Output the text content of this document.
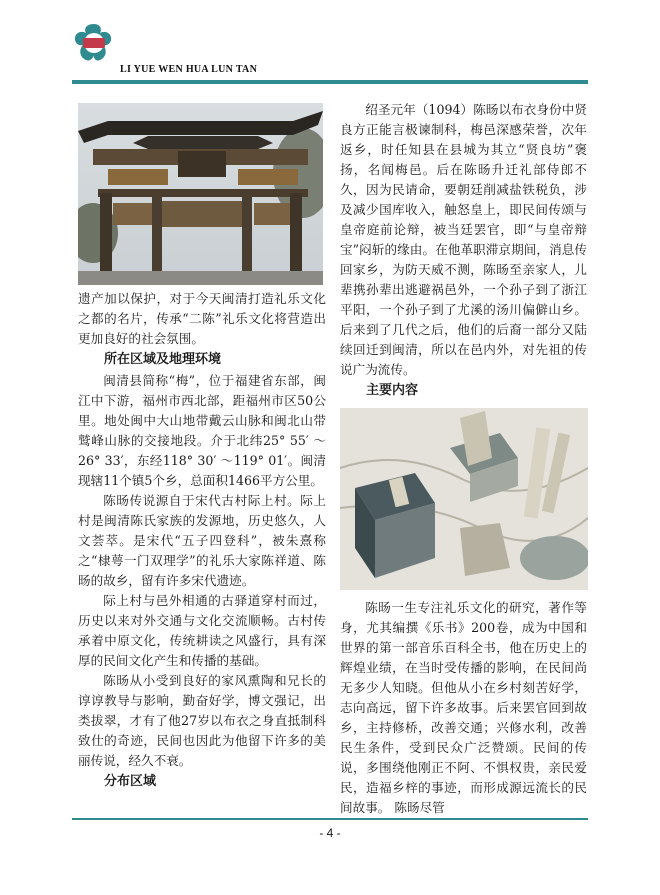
LI YUE WEN HUA LUN TAN

遗产加以保护，对于今天闽清打造礼乐文化之都的名片，传承“二陈”礼乐文化将营造出更加良好的社会氛围。

所在区域及地理环境

闽清县简称“梅”，位于福建省东部，闽江中下游，福州市西北部，距福州市区50公里。地处闽中大山地带戴云山脉和闽北山带鹫峰山脉的交接地段。介于北纬25° 55′ ～26° 33′，东经118° 30′ ～119° 01′。闽清现辖11个镇5个乡，总面积1466平方公里。

陈旸传说源自于宋代古村际上村。际上村是闽清陈氏家族的发源地，历史悠久，人文荟萃。是宋代“五子四登科”，被朱熹称之“棣萼一门双理学”的礼乐大家陈祥道、陈旸的故乡，留有许多宋代遗迹。

际上村与邑外相通的古驿道穿村而过，历史以来对外交通与文化交流顺畅。古村传承着中原文化，传统耕读之风盛行，具有深厚的民间文化产生和传播的基础。

陈旸从小受到良好的家风熏陶和兄长的谆谆教导与影响，勤奋好学，博文强记，出类拔翠，才有了他27岁以布衣之身直抵制科致仕的奇迹，民间也因此为他留下许多的美丽传说，经久不衰。

分布区域

绍圣元年（1094）陈旸以布衣身份中贤良方正能言极谏制科，梅邑深感荣誉，次年返乡，时任知县在县城为其立“贤良坊”褒扬，名闻梅邑。后在陈旸升迁礼部侍郎不久，因为民请命，要朝廷削减盐铁税负，涉及减少国库收入，触怒皇上，即民间传颂与皇帝庭前论辩，被当廷罢官，即“与皇帝辩宝”闷斩的缘由。在他革职滞京期间，消息传回家乡，为防天威不测，陈旸至亲家人，儿辈携孙辈出逃避祸邑外，一个孙子到了浙江平阳，一个孙子到了尤溪的汤川偏僻山乡。后来到了几代之后，他们的后裔一部分又陆续回迁到闽清，所以在邑内外，对先祖的传说广为流传。

主要内容

陈旸一生专注礼乐文化的研究，著作等身，尤其编撰《乐书》200卷，成为中国和世界的第一部音乐百科全书，他在历史上的辉煌业绩，在当时受传播的影响，在民间尚无多少人知晓。但他从小在乡村刻苦好学，志向高远，留下许多故事。后来罢官回到故乡，主持修桥，改善交通；兴修水利，改善民生条件，受到民众广泛赞颂。民间的传说，多围绕他刚正不阿、不惧权贵，亲民爱民，造福乡梓的事迹，而形成源远流长的民间故事。 陈旸尽管

- 4 -
